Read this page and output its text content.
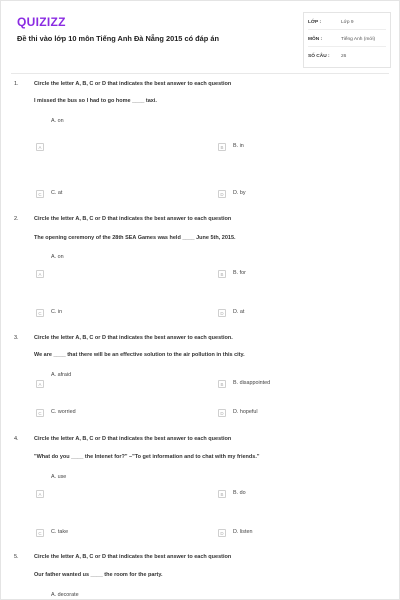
QUIZIZZ
Đề thi vào lớp 10 môn Tiếng Anh Đà Nẵng 2015 có đáp án
LỚP :	Lớp 9
MÔN :	Tiếng Anh (mới)
SỐ CÂU :	26
1.	Circle the letter A, B, C or D that indicates the best answer to each question
I missed the bus so I had to go home ____ taxi.
A. on
A	B	B. in
C	C. at	D	D. by
2.	Circle the letter A, B, C or D that indicates the best answer to each question
The opening ceremony of the 28th SEA Games was held ____ June 5th, 2015.
A. on
A	B	B. for
C	C. in	D	D. at
3.	Circle the letter A, B, C or D that indicates the best answer to each question.
We are ____ that there will be an effective solution to the air pollution in this city.
A. afraid
A	B	B. disappointed
C	C. worried	D	D. hopeful
4.	Circle the letter A, B, C or D that indicates the best answer to each question
"What do you ____ the Intenet for?" –"To get information and to chat with my friends."
A. use
A	B	B. do
C	C. take	D	D. listen
5.	Circle the letter A, B, C or D that indicates the best answer to each question
Our father wanted us ____ the room for the party.
A. decorate
